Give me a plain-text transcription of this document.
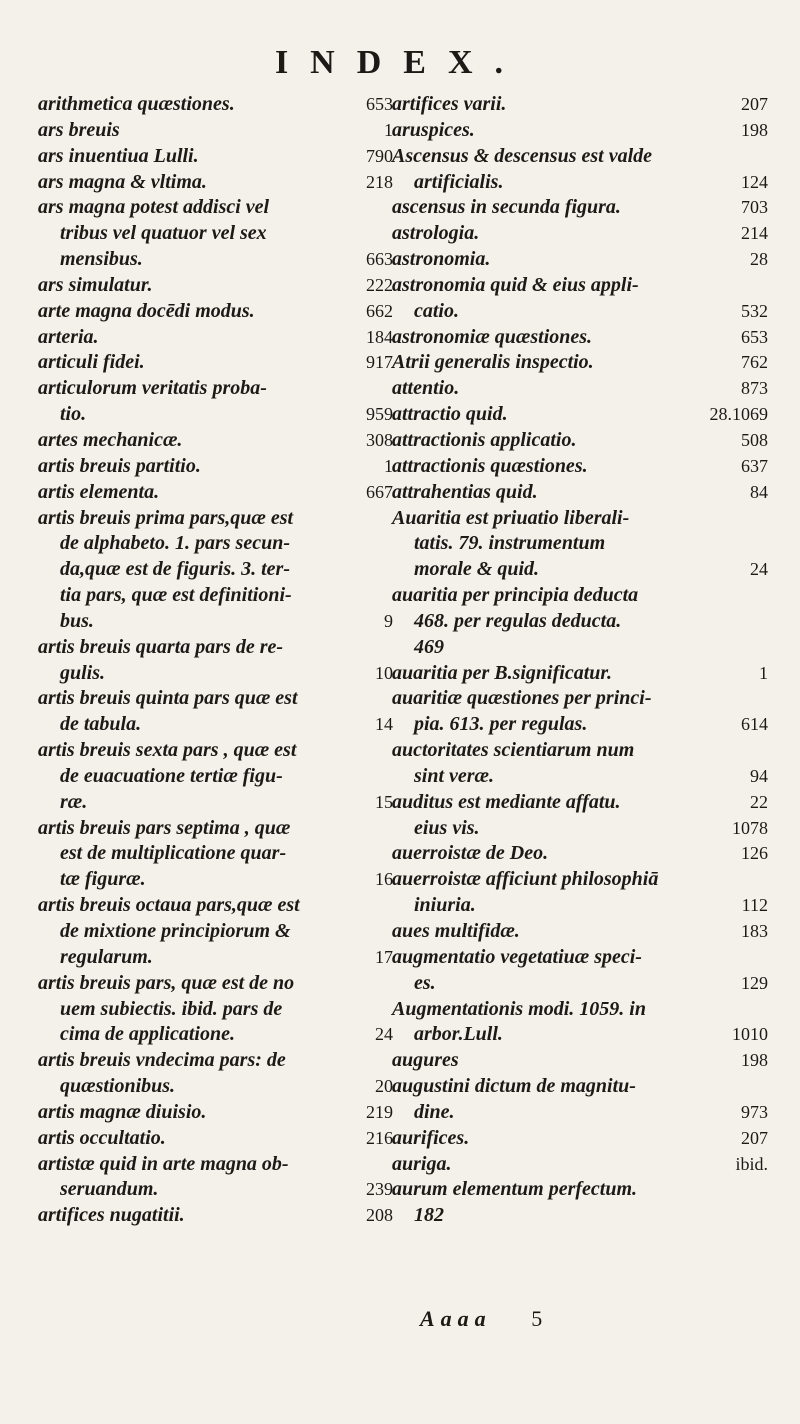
INDEX.
arithmetica quæstiones.	653
ars breuis	1
ars inuentiua Lulli.	790
ars magna & vltima.	218
ars magna potest addisci vel
tribus vel quatuor vel sex
mensibus.	663
ars simulatur.	222
arte magna docēdi modus.	662
arteria.	184
articuli fidei.	917
articulorum veritatis proba-
tio.	959
artes mechanicæ.	308
artis breuis partitio.	1
artis elementa.	667
artis breuis prima pars,quæ est
de alphabeto. 1. pars secun-
da,quæ est de figuris. 3. ter-
tia pars, quæ est definitioni-
bus.	9
artis breuis quarta pars de re-
gulis.	10
artis breuis quinta pars quæ est
de tabula.	14
artis breuis sexta pars , quæ est
de euacuatione tertiæ figu-
ræ.	15
artis breuis pars septima , quæ
est de multiplicatione quar-
tæ figuræ.	16
artis breuis octaua pars,quæ est
de mixtione principiorum &
regularum.	17
artis breuis pars, quæ est de no
uem subiectis. ibid. pars de
cima de applicatione.	24
artis breuis vndecima pars: de
quæstionibus.	20
artis magnæ diuisio.	219
artis occultatio.	216
artistæ quid in arte magna ob-
seruandum.	239
artifices nugatitii.	208
artifices varii.	207
aruspices.	198
Ascensus & descensus est valde
artificialis.	124
ascensus in secunda figura.	703
astrologia.	214
astronomia.	28
astronomia quid & eius appli-
catio.	532
astronomiæ quæstiones.	653
Atrii generalis inspectio.	762
attentio.	873
attractio quid.	28.1069
attractionis applicatio.	508
attractionis quæstiones.	637
attrahentias quid.	84
Auaritia est priuatio liberali-
tatis. 79. instrumentum
morale & quid.	24
auaritia per principia deducta
468. per regulas deducta.
469
auaritia per B.significatur.	1
auaritiæ quæstiones per princi-
pia. 613. per regulas.	614
auctoritates scientiarum num
sint veræ.	94
auditus est mediante affatu.	22
eius vis.	1078
auerroistæ de Deo.	126
auerroistæ afficiunt philosophiā
iniuria.	112
aues multifidæ.	183
augmentatio vegetatiuæ speci-
es.	129
Augmentationis modi. 1059. in
arbor.Lull.	1010
augures	198
augustini dictum de magnitu-
dine.	973
aurifices.	207
auriga.	ibid.
aurum elementum perfectum.
182
Aaaa 5
